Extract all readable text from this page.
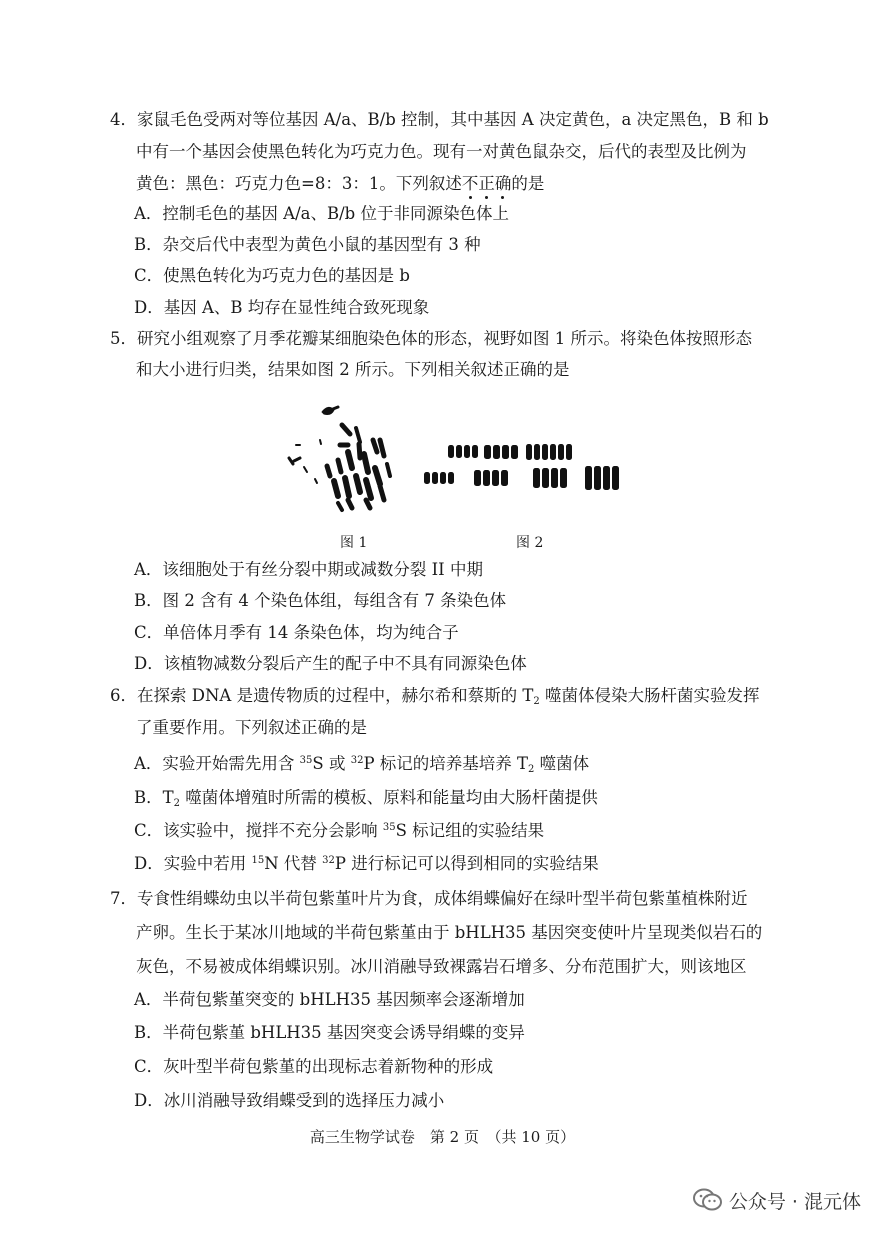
4．家鼠毛色受两对等位基因 A/a、B/b 控制，其中基因 A 决定黄色，a 决定黑色，B 和 b
中有一个基因会使黑色转化为巧克力色。现有一对黄色鼠杂交，后代的表型及比例为
黄色：黑色：巧克力色=8：3：1。下列叙述不正确
的是
A．控制毛色的基因 A/a、B/b 位于非同源染色体上
B．杂交后代中表型为黄色小鼠的基因型有 3 种
C．使黑色转化为巧克力色的基因是 b
D．基因 A、B 均存在显性纯合致死现象
5．研究小组观察了月季花瓣某细胞染色体的形态，视野如图 1 所示。将染色体按照形态
和大小进行归类，结果如图 2 所示。下列相关叙述正确的是
图 1	图 2
A．该细胞处于有丝分裂中期或减数分裂 II 中期
B．图 2 含有 4 个染色体组，每组含有 7 条染色体
C．单倍体月季有 14 条染色体，均为纯合子
D．该植物减数分裂后产生的配子中不具有同源染色体
6．在探索 DNA 是遗传物质的过程中，赫尔希和蔡斯的 $T_2$ 噬菌体侵染大肠杆菌实验发挥
了重要作用。下列叙述正确的是
A．实验开始需先用含 $^{35}$S 或 $^{32}$P 标记的培养基培养 $T_2$ 噬菌体
B．$T_2$ 噬菌体增殖时所需的模板、原料和能量均由大肠杆菌提供
C．该实验中，搅拌不充分会影响 $^{35}$S 标记组的实验结果
D．实验中若用 $^{15}$N 代替 $^{32}$P 进行标记可以得到相同的实验结果
7．专食性绢蝶幼虫以半荷包紫堇叶片为食，成体绢蝶偏好在绿叶型半荷包紫堇植株附近
产卵。生长于某冰川地域的半荷包紫堇由于 bHLH35 基因突变使叶片呈现类似岩石的
灰色，不易被成体绢蝶识别。冰川消融导致裸露岩石增多、分布范围扩大，则该地区
A．半荷包紫堇突变的 bHLH35 基因频率会逐渐增加
B．半荷包紫堇 bHLH35 基因突变会诱导绢蝶的变异
C．灰叶型半荷包紫堇的出现标志着新物种的形成
D．冰川消融导致绢蝶受到的选择压力减小
高三生物学试卷　第 2 页　（共 10 页）
公众号 · 混元体
